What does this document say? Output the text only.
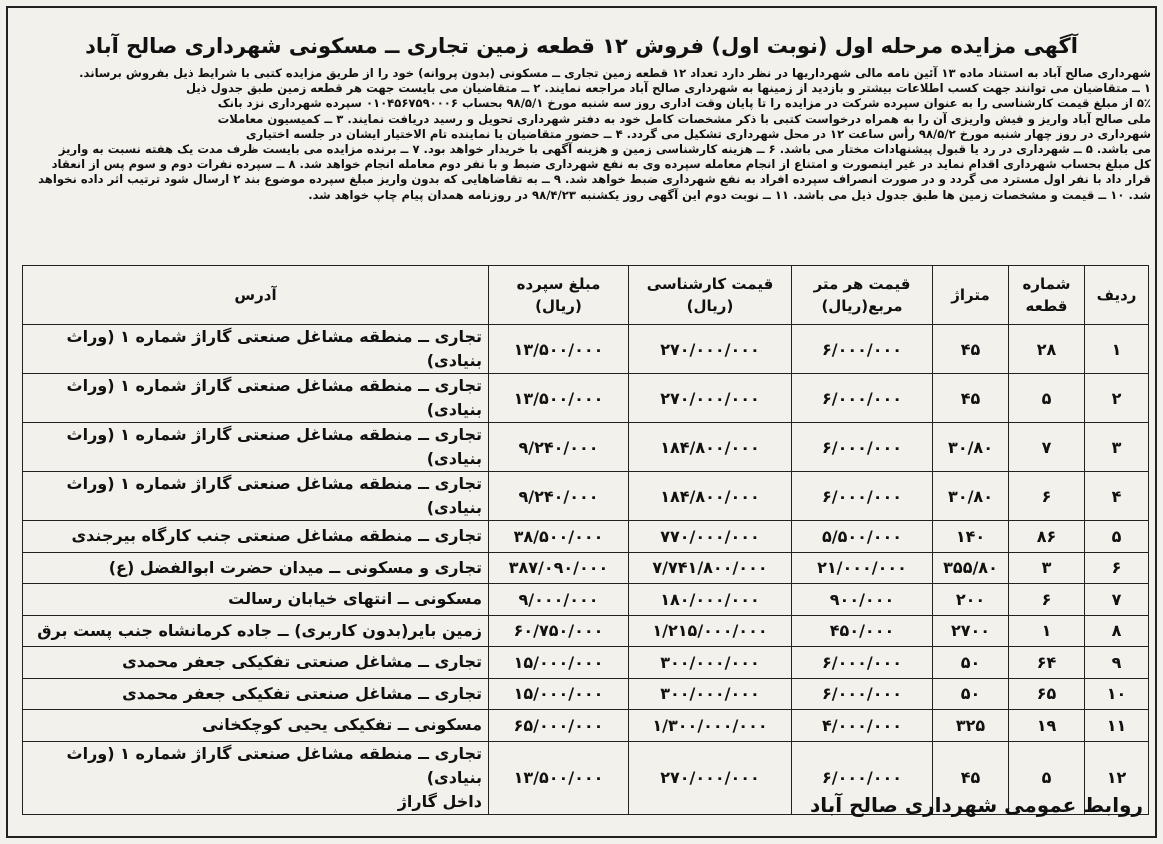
آگهی مزایده مرحله اول (نوبت اول) فروش ۱۲ قطعه زمین تجاری ــ مسکونی شهرداری صالح آباد

شهرداری صالح آباد به استناد ماده ۱۳ آئین نامه مالی شهرداریها در نظر دارد تعداد ۱۲ قطعه زمین تجاری ــ مسکونی (بدون پروانه) خود را از طریق مزایده کتبی با شرایط ذیل بفروش برساند.

۱ ــ متقاضیان می توانند جهت کسب اطلاعات بیشتر و بازدید از زمینها به شهرداری صالح آباد مراجعه نمایند. ۲ ــ متقاضیان می بایست جهت هر قطعه زمین طبق جدول ذیل

۵٪ از مبلغ قیمت کارشناسی را به عنوان سپرده شرکت در مزایده را تا پایان وقت اداری روز سه شنبه مورخ ۹۸/۵/۱ بحساب ۰۱۰۴۵۶۷۵۹۰۰۰۶ سپرده شهرداری نزد بانک

ملی صالح آباد واریز و فیش واریزی آن را به همراه درخواست کتبی با ذکر مشخصات کامل خود به دفتر شهرداری تحویل و رسید دریافت نمایند. ۳ ــ کمیسیون معاملات

شهرداری در روز چهار شنبه مورخ ۹۸/۵/۲ رأس ساعت ۱۲ در محل شهرداری تشکیل می گردد. ۴ ــ حضور متقاضیان یا نماینده تام الاختیار ایشان در جلسه اختیاری

می باشد. ۵ ــ شهرداری در رد یا قبول پیشنهادات مختار می باشد. ۶ ــ هزینه کارشناسی زمین و هزینه آگهی با خریدار خواهد بود. ۷ ــ برنده مزایده می بایست ظرف مدت یک هفته نسبت به واریز

کل مبلغ بحساب شهرداری اقدام نماید در غیر اینصورت و امتناع از انجام معامله سپرده وی به نفع شهرداری ضبط و با نفر دوم معامله انجام خواهد شد. ۸ ــ سپرده نفرات دوم و سوم پس از انعقاد

قرار داد با نفر اول مسترد می گردد و در صورت انصراف سپرده افراد به نفع شهرداری ضبط خواهد شد. ۹ ــ به تقاضاهایی که بدون واریز مبلغ سپرده موضوع بند ۲ ارسال شود ترتیب اثر داده نخواهد

شد. ۱۰ ــ قیمت و مشخصات زمین ها طبق جدول ذیل می باشد. ۱۱ ــ نوبت دوم این آگهی روز یکشنبه ۹۸/۴/۲۳ در روزنامه همدان پیام چاپ خواهد شد.

ردیف	شماره قطعه	متراژ	قیمت هر متر مربع(ریال)	قیمت کارشناسی (ریال)	مبلغ سپرده (ریال)	آدرس
۱	۲۸	۴۵	۶/۰۰۰/۰۰۰	۲۷۰/۰۰۰/۰۰۰	۱۳/۵۰۰/۰۰۰	تجاری ــ منطقه مشاغل صنعتی گاراژ شماره ۱ (وراث بنیادی)
۲	۵	۴۵	۶/۰۰۰/۰۰۰	۲۷۰/۰۰۰/۰۰۰	۱۳/۵۰۰/۰۰۰	تجاری ــ منطقه مشاغل صنعتی گاراژ شماره ۱ (وراث بنیادی)
۳	۷	۳۰/۸۰	۶/۰۰۰/۰۰۰	۱۸۴/۸۰۰/۰۰۰	۹/۲۴۰/۰۰۰	تجاری ــ منطقه مشاغل صنعتی گاراژ شماره ۱ (وراث بنیادی)
۴	۶	۳۰/۸۰	۶/۰۰۰/۰۰۰	۱۸۴/۸۰۰/۰۰۰	۹/۲۴۰/۰۰۰	تجاری ــ منطقه مشاغل صنعتی گاراژ شماره ۱ (وراث بنیادی)
۵	۸۶	۱۴۰	۵/۵۰۰/۰۰۰	۷۷۰/۰۰۰/۰۰۰	۳۸/۵۰۰/۰۰۰	تجاری ــ منطقه مشاغل صنعتی جنب کارگاه بیرجندی
۶	۳	۳۵۵/۸۰	۲۱/۰۰۰/۰۰۰	۷/۷۴۱/۸۰۰/۰۰۰	۳۸۷/۰۹۰/۰۰۰	تجاری و مسکونی ــ میدان حضرت ابوالفضل (ع)
۷	۶	۲۰۰	۹۰۰/۰۰۰	۱۸۰/۰۰۰/۰۰۰	۹/۰۰۰/۰۰۰	مسکونی ــ انتهای خیابان رسالت
۸	۱	۲۷۰۰	۴۵۰/۰۰۰	۱/۲۱۵/۰۰۰/۰۰۰	۶۰/۷۵۰/۰۰۰	زمین بایر(بدون کاربری) ــ جاده کرمانشاه جنب پست برق
۹	۶۴	۵۰	۶/۰۰۰/۰۰۰	۳۰۰/۰۰۰/۰۰۰	۱۵/۰۰۰/۰۰۰	تجاری ــ مشاغل صنعتی تفکیکی جعفر محمدی
۱۰	۶۵	۵۰	۶/۰۰۰/۰۰۰	۳۰۰/۰۰۰/۰۰۰	۱۵/۰۰۰/۰۰۰	تجاری ــ مشاغل صنعتی تفکیکی جعفر محمدی
۱۱	۱۹	۳۲۵	۴/۰۰۰/۰۰۰	۱/۳۰۰/۰۰۰/۰۰۰	۶۵/۰۰۰/۰۰۰	مسکونی ــ تفکیکی یحیی کوچکخانی
۱۲	۵	۴۵	۶/۰۰۰/۰۰۰	۲۷۰/۰۰۰/۰۰۰	۱۳/۵۰۰/۰۰۰	تجاری ــ منطقه مشاغل صنعتی گاراژ شماره ۱ (وراث بنیادی)
داخل گاراژ	روابط عمومی شهرداری صالح آباد
